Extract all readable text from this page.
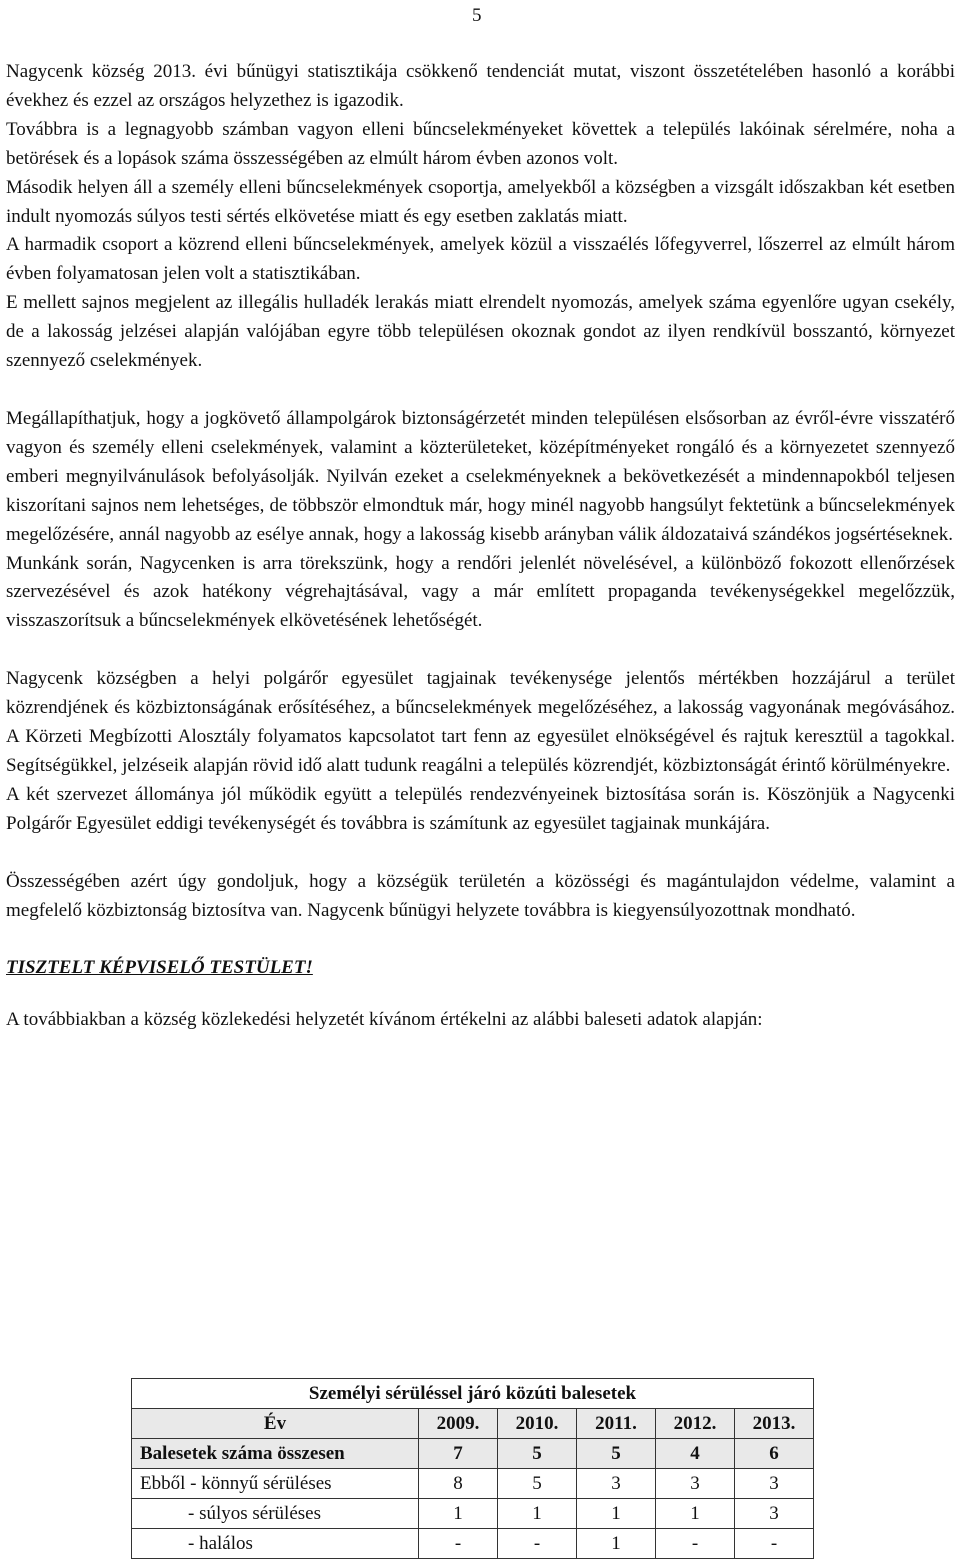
5

Nagycenk község 2013. évi bűnügyi statisztikája csökkenő tendenciát mutat, viszont összetételében hasonló a korábbi évekhez és ezzel az országos helyzethez is igazodik.

Továbbra is a legnagyobb számban vagyon elleni bűncselekményeket követtek a település lakóinak sérelmére, noha a betörések és a lopások száma összességében az elmúlt három évben azonos volt.

Második helyen áll a személy elleni bűncselekmények csoportja, amelyekből a községben a vizsgált időszakban két esetben indult nyomozás súlyos testi sértés elkövetése miatt és egy esetben zaklatás miatt.

A harmadik csoport a közrend elleni bűncselekmények, amelyek közül a visszaélés lőfegyverrel, lőszerrel az elmúlt három évben folyamatosan jelen volt a statisztikában.

E mellett sajnos megjelent az illegális hulladék lerakás miatt elrendelt nyomozás, amelyek száma egyenlőre ugyan csekély, de a lakosság jelzései alapján valójában egyre több településen okoznak gondot az ilyen rendkívül bosszantó, környezet szennyező cselekmények.

Megállapíthatjuk, hogy a jogkövető állampolgárok biztonságérzetét minden településen elsősorban az évről-évre visszatérő vagyon és személy elleni cselekmények, valamint a közterületeket, középítményeket rongáló és a környezetet szennyező emberi megnyilvánulások befolyásolják. Nyilván ezeket a cselekményeknek a bekövetkezését a mindennapokból teljesen kiszorítani sajnos nem lehetséges, de többször elmondtuk már, hogy minél nagyobb hangsúlyt fektetünk a bűncselekmények megelőzésére, annál nagyobb az esélye annak, hogy a lakosság kisebb arányban válik áldozataivá szándékos jogsértéseknek.

Munkánk során, Nagycenken is arra törekszünk, hogy a rendőri jelenlét növelésével, a különböző fokozott ellenőrzések szervezésével és azok hatékony végrehajtásával, vagy a már említett propaganda tevékenységekkel megelőzzük, visszaszorítsuk a bűncselekmények elkövetésének lehetőségét.

Nagycenk községben a helyi polgárőr egyesület tagjainak tevékenysége jelentős mértékben hozzájárul a terület közrendjének és közbiztonságának erősítéséhez, a bűncselekmények megelőzéséhez, a lakosság vagyonának megóvásához. A Körzeti Megbízotti Alosztály folyamatos kapcsolatot tart fenn az egyesület elnökségével és rajtuk keresztül a tagokkal. Segítségükkel, jelzéseik alapján rövid idő alatt tudunk reagálni a település közrendjét, közbiztonságát érintő körülményekre.

A két szervezet állománya jól működik együtt a település rendezvényeinek biztosítása során is. Köszönjük a Nagycenki Polgárőr Egyesület eddigi tevékenységét és továbbra is számítunk az egyesület tagjainak munkájára.

Összességében azért úgy gondoljuk, hogy a községük területén a közösségi és magántulajdon védelme, valamint a megfelelő közbiztonság biztosítva van. Nagycenk bűnügyi helyzete továbbra is kiegyensúlyozottnak mondható.

TISZTELT KÉPVISELŐ TESTÜLET!

A továbbiakban a község közlekedési helyzetét kívánom értékelni az alábbi baleseti adatok alapján:

Személyi sérüléssel járó közúti balesetek					
Év	2009.	2010.	2011.	2012.	2013.
Balesetek száma összesen	7	5	5	4	6
Ebből - könnyű sérüléses	8	5	3	3	3
- súlyos sérüléses	1	1	1	1	3
- halálos	-	-	1	-	-
